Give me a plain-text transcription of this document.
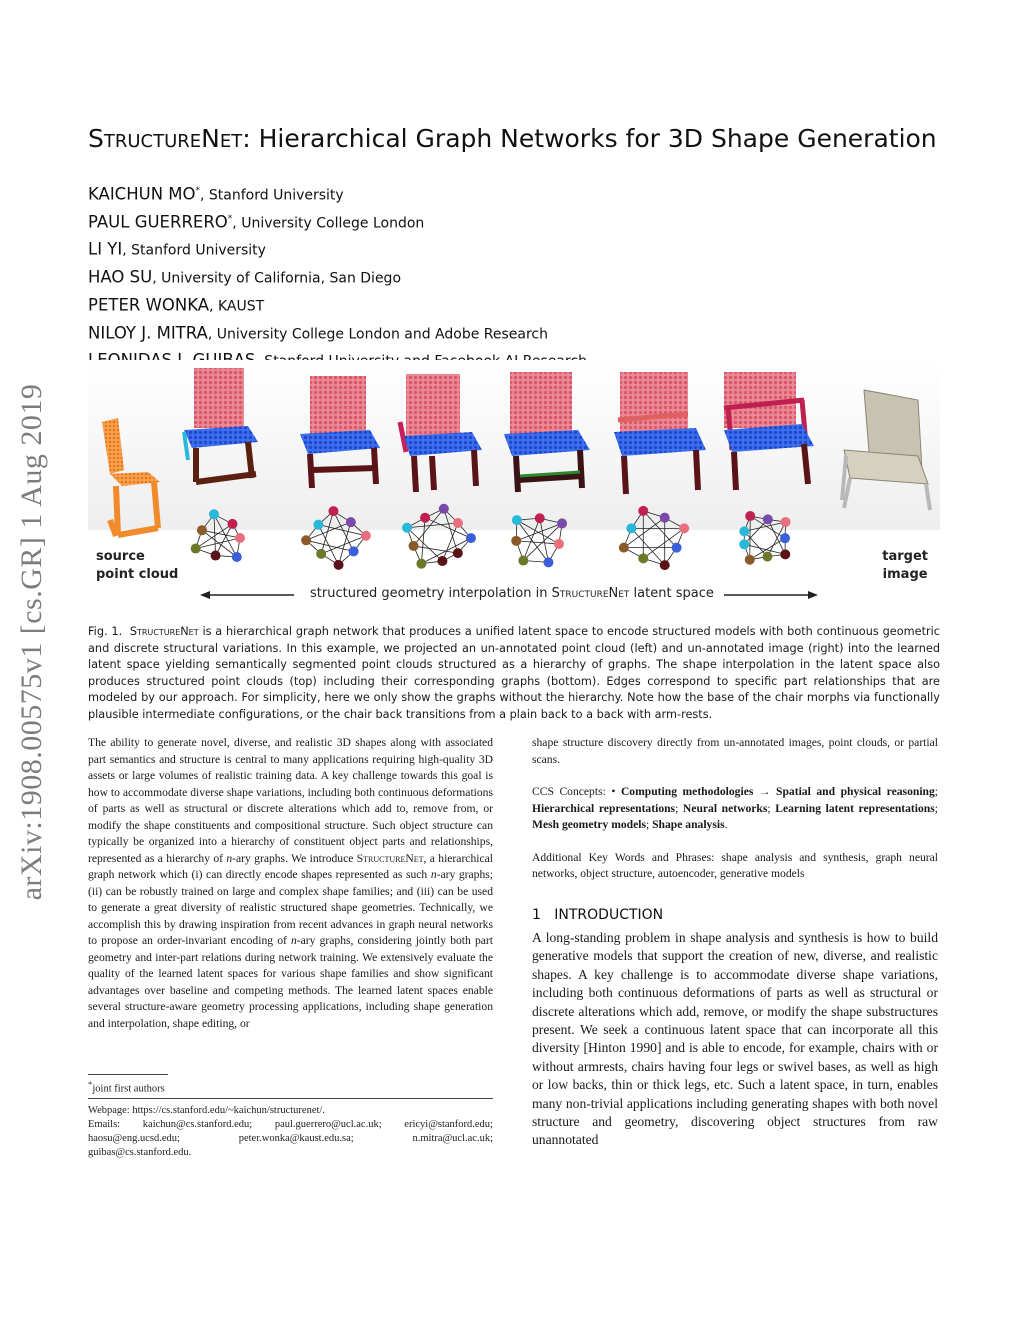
arXiv:1908.00575v1 [cs.GR] 1 Aug 2019
StructureNet: Hierarchical Graph Networks for 3D Shape Generation
KAICHUN MO*, Stanford University
PAUL GUERRERO*, University College London
LI YI, Stanford University
HAO SU, University of California, San Diego
PETER WONKA, KAUST
NILOY J. MITRA, University College London and Adobe Research
source
point cloud
target
image
structured geometry interpolation in StructureNet latent space
Fig. 1. StructureNet is a hierarchical graph network that produces a unified latent space to encode structured models with both continuous geometric and discrete structural variations. In this example, we projected an un-annotated point cloud (left) and un-annotated image (right) into the learned latent space yielding semantically segmented point clouds structured as a hierarchy of graphs. The shape interpolation in the latent space also produces structured point clouds (top) including their corresponding graphs (bottom). Edges correspond to specific part relationships that are modeled by our approach. For simplicity, here we only show the graphs without the hierarchy. Note how the base of the chair morphs via functionally plausible intermediate configurations, or the chair back transitions from a plain back to a back with arm-rests.
The ability to generate novel, diverse, and realistic 3D shapes along with associated part semantics and structure is central to many applications requiring high-quality 3D assets or large volumes of realistic training data. A key challenge towards this goal is how to accommodate diverse shape variations, including both continuous deformations of parts as well as structural or discrete alterations which add to, remove from, or modify the shape constituents and compositional structure. Such object structure can typically be organized into a hierarchy of constituent object parts and relationships, represented as a hierarchy of n-ary graphs. We introduce StructureNet, a hierarchical graph network which (i) can directly encode shapes represented as such n-ary graphs; (ii) can be robustly trained on large and complex shape families; and (iii) can be used to generate a great diversity of realistic structured shape geometries. Technically, we accomplish this by drawing inspiration from recent advances in graph neural networks to propose an order-invariant encoding of n-ary graphs, considering jointly both part geometry and inter-part relations during network training. We extensively evaluate the quality of the learned latent spaces for various shape families and show significant advantages over baseline and competing methods. The learned latent spaces enable several structure-aware geometry processing applications, including shape generation and interpolation, shape editing, or
*joint first authors
Webpage: https://cs.stanford.edu/~kaichun/structurenet/.
Emails: kaichun@cs.stanford.edu; paul.guerrero@ucl.ac.uk; ericyi@stanford.edu;
haosu@eng.ucsd.edu;	peter.wonka@kaust.edu.sa;	n.mitra@ucl.ac.uk;
guibas@cs.stanford.edu.
shape structure discovery directly from un-annotated images, point clouds, or partial scans.
CCS Concepts: • Computing methodologies → Spatial and physical reasoning; Hierarchical representations; Neural networks; Learning latent representations; Mesh geometry models; Shape analysis.
Additional Key Words and Phrases: shape analysis and synthesis, graph neural networks, object structure, autoencoder, generative models
1 INTRODUCTION
A long-standing problem in shape analysis and synthesis is how to build generative models that support the creation of new, diverse, and realistic shapes. A key challenge is to accommodate diverse shape variations, including both continuous deformations of parts as well as structural or discrete alterations which add, remove, or modify the shape substructures present. We seek a continuous latent space that can incorporate all this diversity [Hinton 1990] and is able to encode, for example, chairs with or without armrests, chairs having four legs or swivel bases, as well as high or low backs, thin or thick legs, etc. Such a latent space, in turn, enables many non-trivial applications including generating shapes with both novel structure and geometry, discovering object structures from raw unannotated
